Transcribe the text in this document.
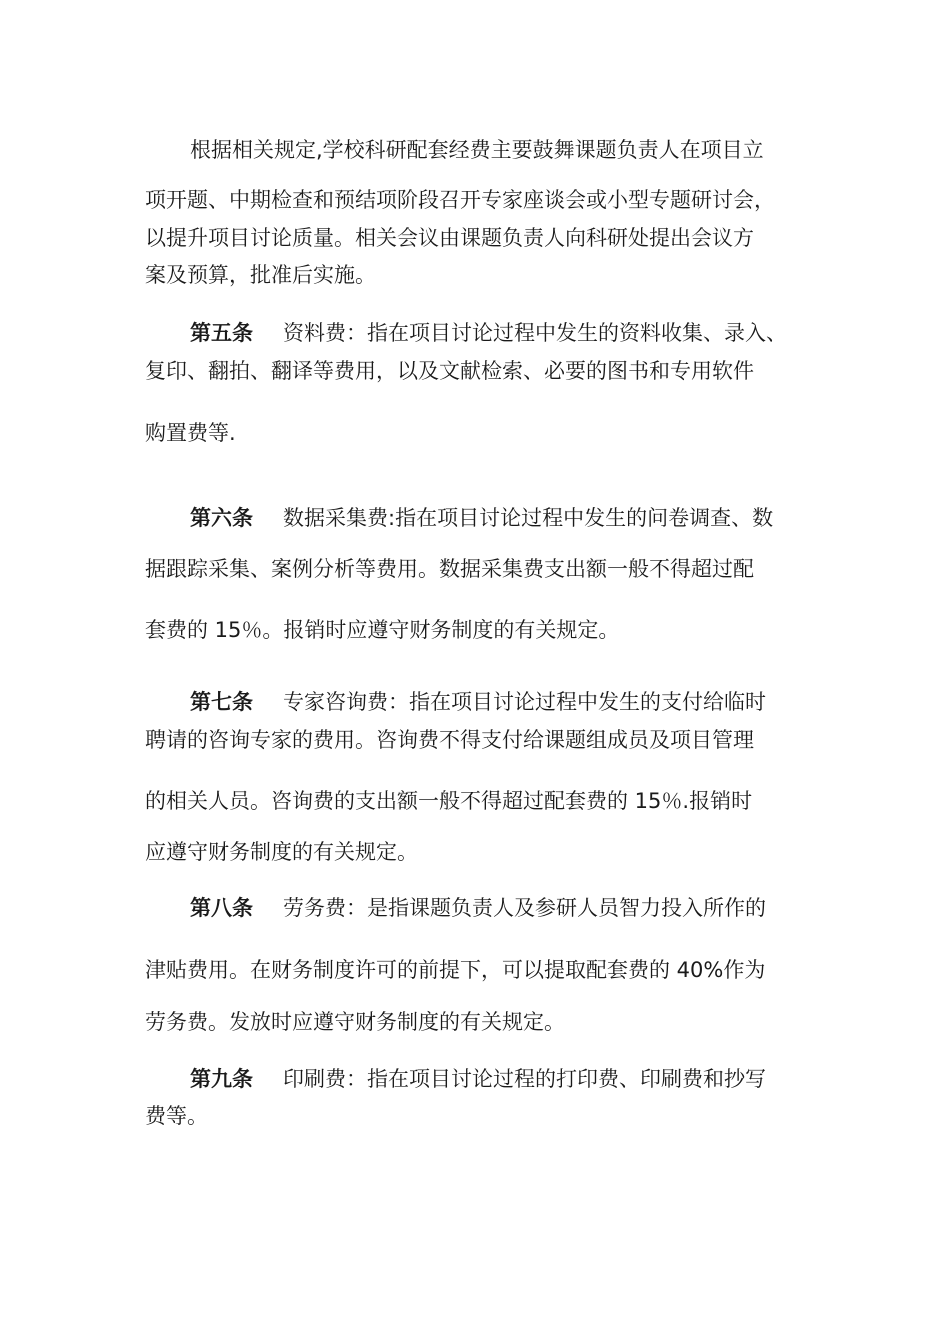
根据相关规定,学校科研配套经费主要鼓舞课题负责人在项目立
项开题、中期检查和预结项阶段召开专家座谈会或小型专题研讨会，
以提升项目讨论质量。相关会议由课题负责人向科研处提出会议方
案及预算，批准后实施。
第五条 资料费：指在项目讨论过程中发生的资料收集、录入、
复印、翻拍、翻译等费用，以及文献检索、必要的图书和专用软件
购置费等.
第六条 数据采集费:指在项目讨论过程中发生的问卷调查、数
据跟踪采集、案例分析等费用。数据采集费支出额一般不得超过配
套费的 15％。报销时应遵守财务制度的有关规定。
第七条 专家咨询费：指在项目讨论过程中发生的支付给临时
聘请的咨询专家的费用。咨询费不得支付给课题组成员及项目管理
的相关人员。咨询费的支出额一般不得超过配套费的 15％.报销时
应遵守财务制度的有关规定。
第八条 劳务费：是指课题负责人及参研人员智力投入所作的
津贴费用。在财务制度许可的前提下，可以提取配套费的 40%作为
劳务费。发放时应遵守财务制度的有关规定。
第九条 印刷费：指在项目讨论过程的打印费、印刷费和抄写
费等。
